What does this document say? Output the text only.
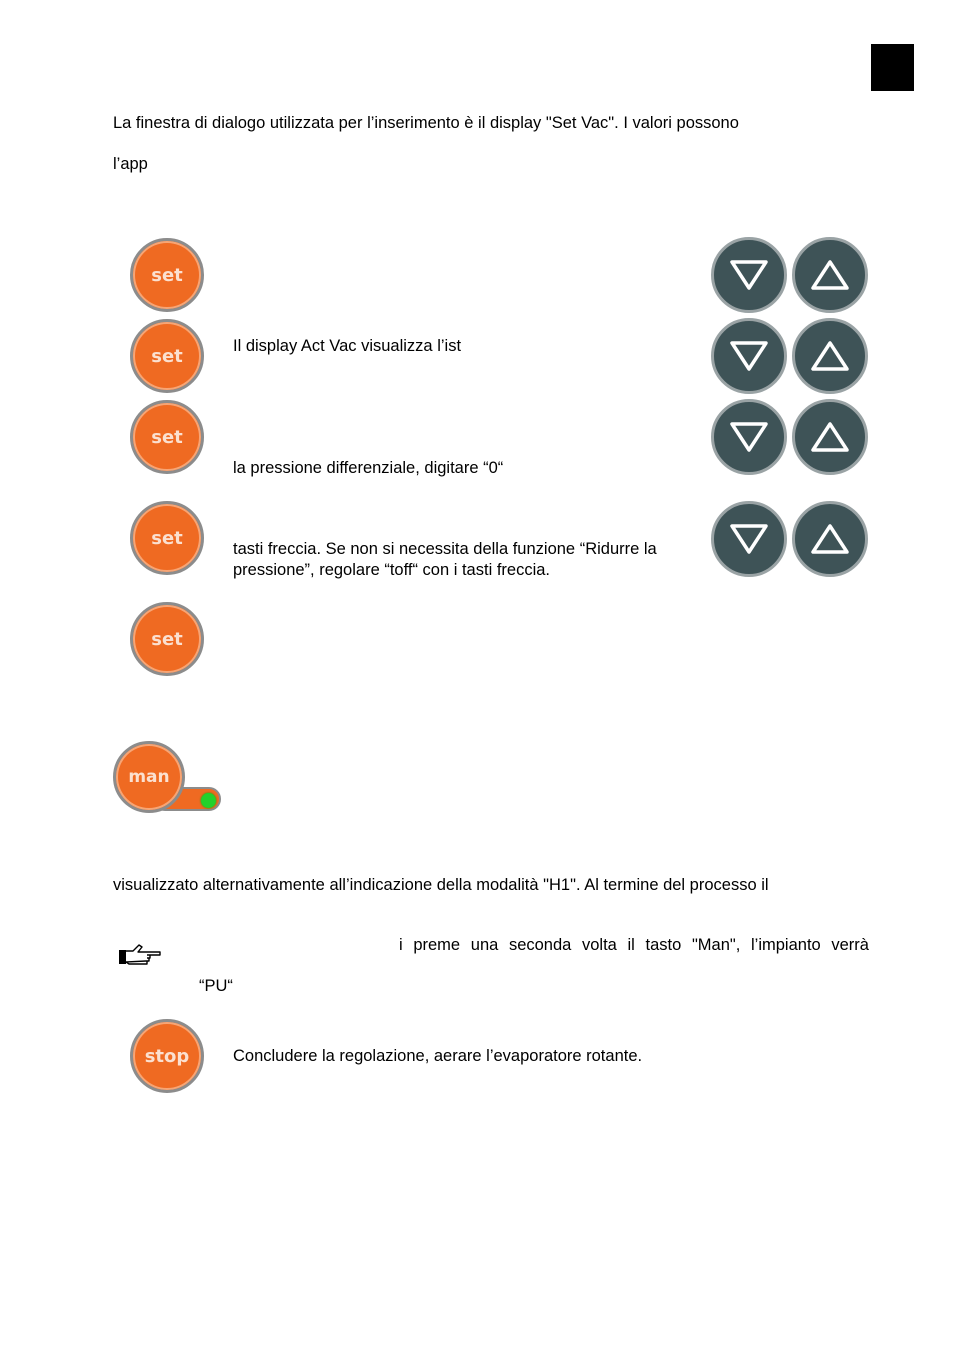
La finestra di dialogo utilizzata per l’inserimento è il display "Set Vac". I valori possono
l’app
set
set
set
set
set
Il display Act Vac visualizza l’ist
la pressione differenziale, digitare “0“
tasti freccia. Se non si necessita della funzione “Ridurre la
pressione”, regolare “toff“ con i tasti freccia.
man
visualizzato alternativamente all’indicazione della modalità "H1". Al termine del processo il
i preme una seconda volta il tasto "Man", l’impianto verrà
“PU“
stop	Concludere la regolazione, aerare l’evaporatore rotante.
